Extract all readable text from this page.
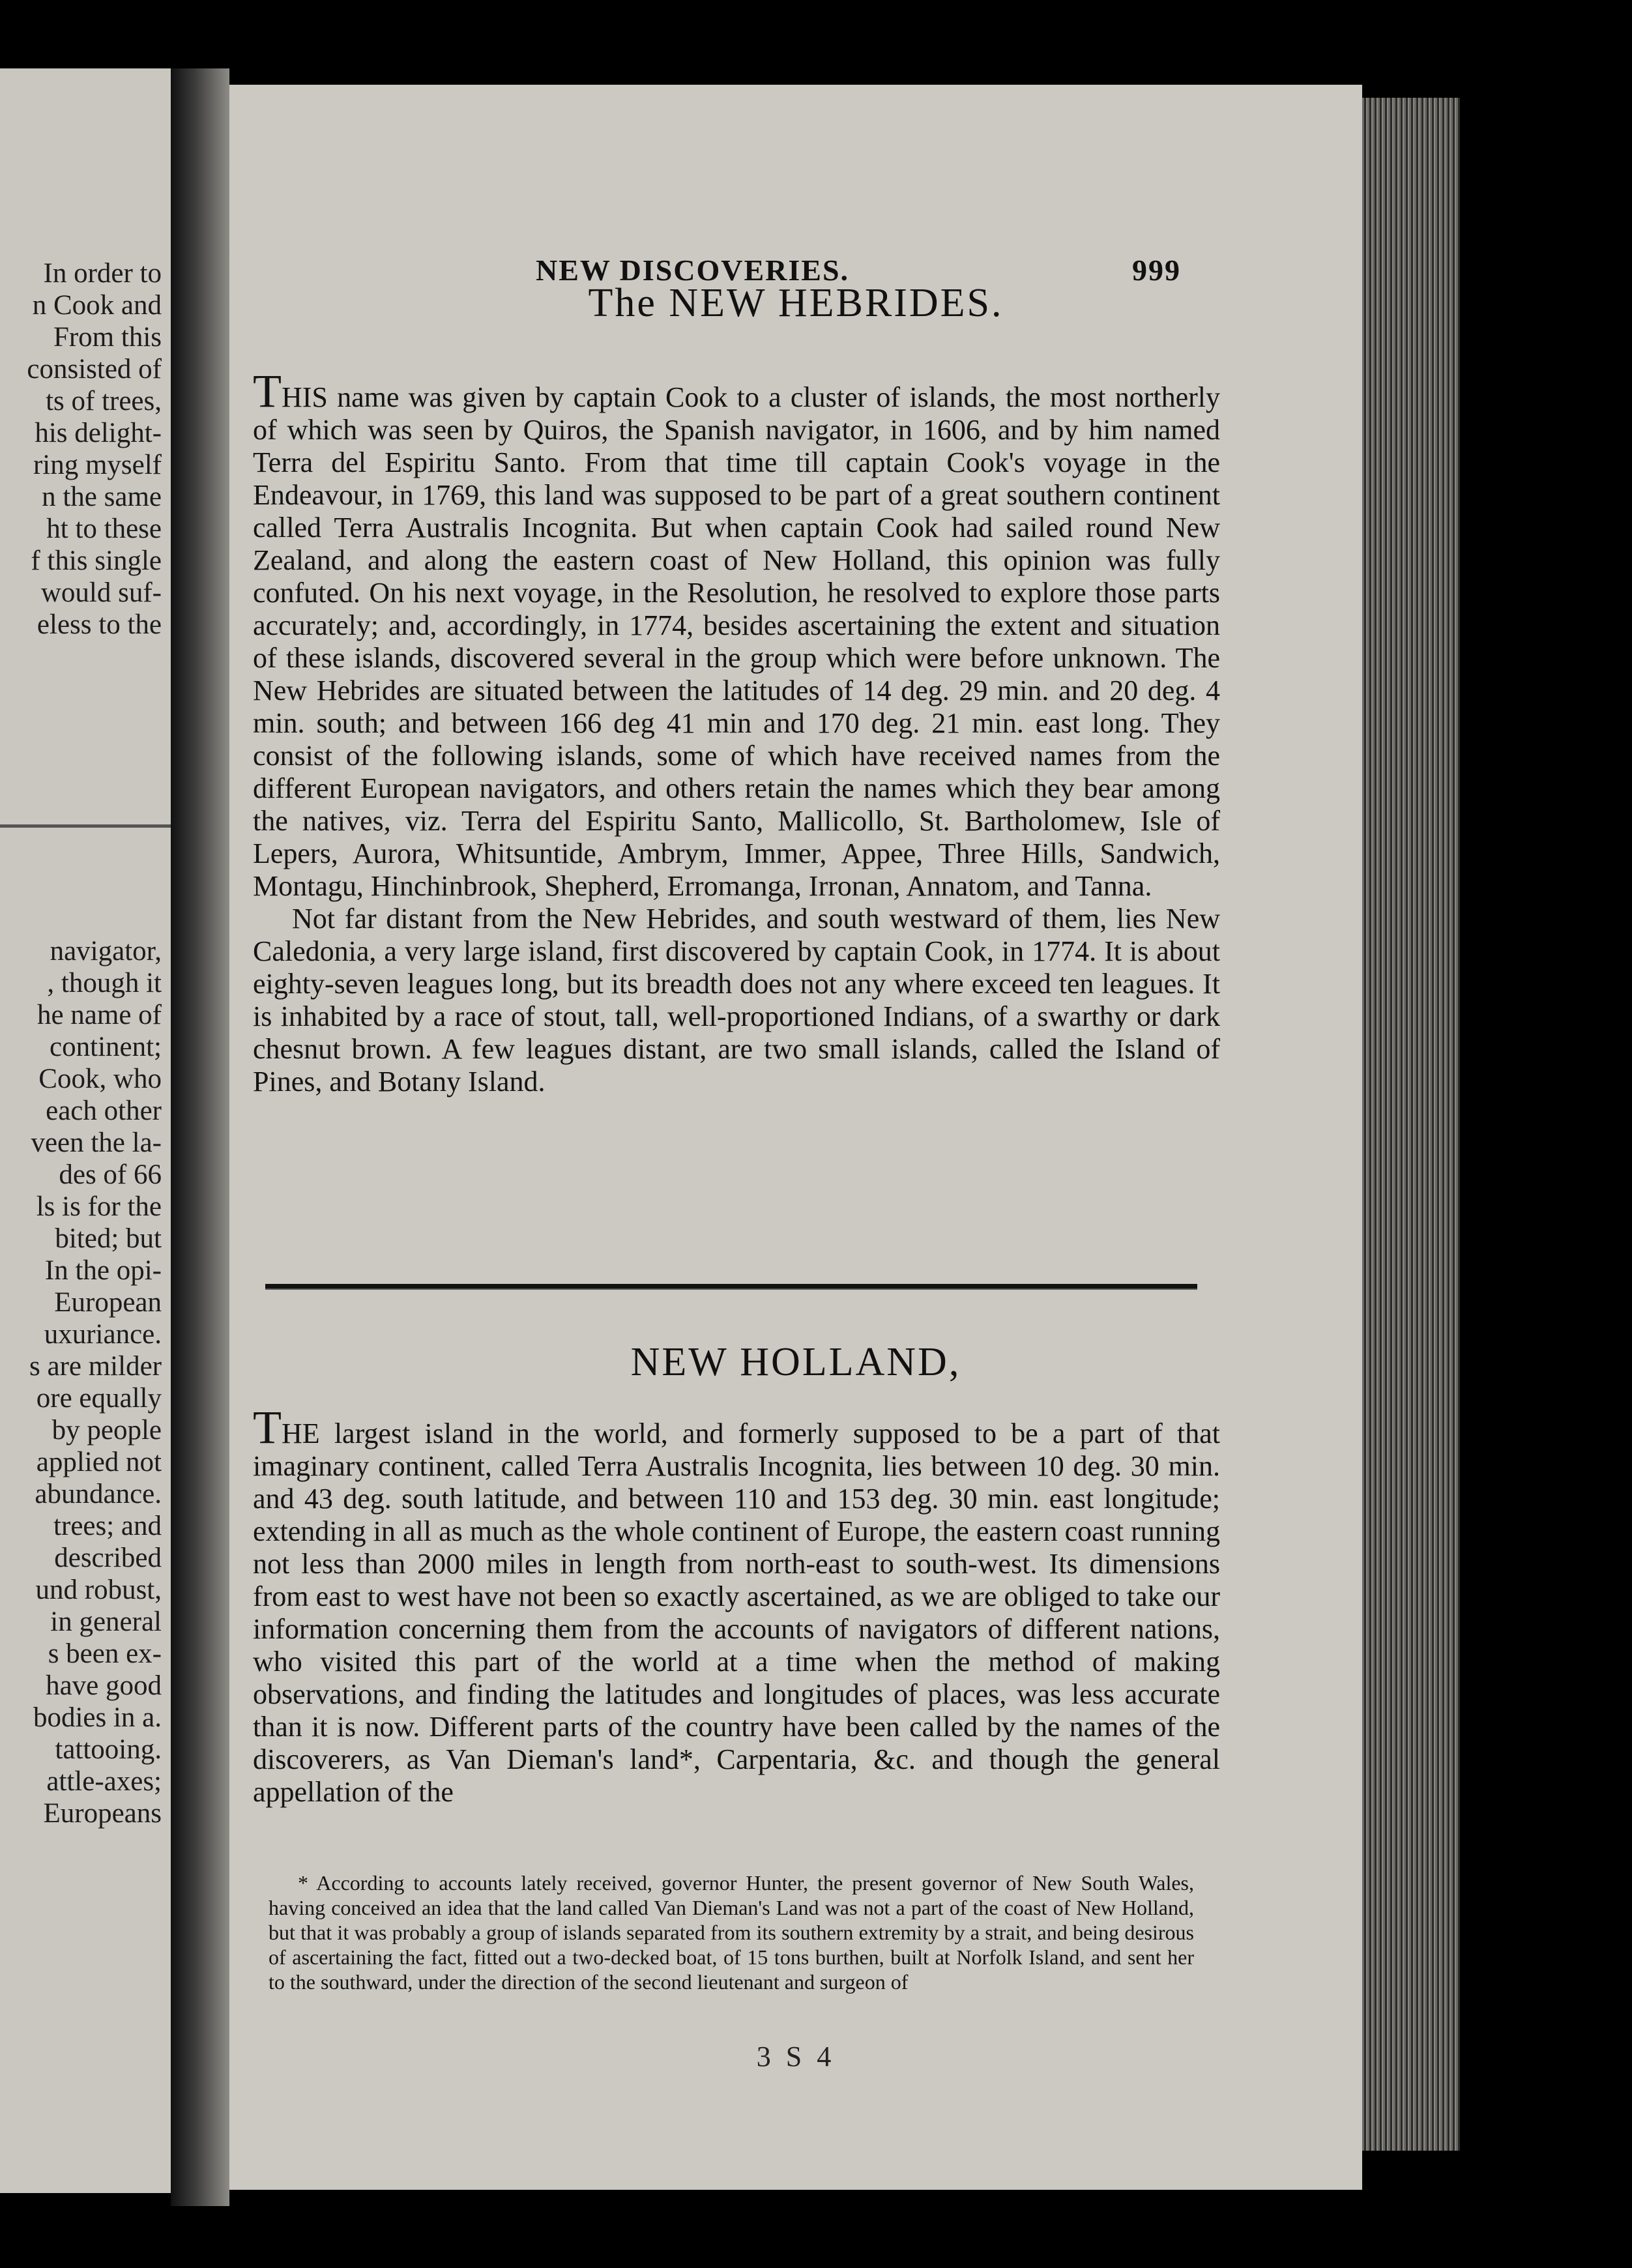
In order to
n Cook and
From this
consisted of
ts of trees,
his delight-
ring myself
n the same
ht to these
f this single
would suf-
eless to the
navigator,
, though it
he name of
continent;
Cook, who
each other
veen the la-
des of 66
ls is for the
bited; but
In the opi-
European
uxuriance.
s are milder
ore equally
by people
applied not
abundance.
trees; and
described
und robust,
in general
s been ex-
have good
bodies in a.
tattooing.
attle-axes;
Europeans
NEW DISCOVERIES.	999
The NEW HEBRIDES.

THIS name was given by captain Cook to a cluster of islands, the most northerly of which was seen by Quiros, the Spanish navigator, in 1606, and by him named Terra del Espiritu Santo. From that time till captain Cook's voyage in the Endeavour, in 1769, this land was supposed to be part of a great southern continent called Terra Australis Incognita. But when captain Cook had sailed round New Zealand, and along the eastern coast of New Holland, this opinion was fully confuted. On his next voyage, in the Resolution, he resolved to explore those parts accurately; and, accordingly, in 1774, besides ascertaining the extent and situation of these islands, discovered several in the group which were before unknown. The New Hebrides are situated between the latitudes of 14 deg. 29 min. and 20 deg. 4 min. south; and between 166 deg 41 min and 170 deg. 21 min. east long. They consist of the following islands, some of which have received names from the different European navigators, and others retain the names which they bear among the natives, viz. Terra del Espiritu Santo, Mallicollo, St. Bartholomew, Isle of Lepers, Aurora, Whitsuntide, Ambrym, Immer, Appee, Three Hills, Sandwich, Montagu, Hinchinbrook, Shepherd, Erromanga, Irronan, Annatom, and Tanna.

Not far distant from the New Hebrides, and south westward of them, lies New Caledonia, a very large island, first discovered by captain Cook, in 1774. It is about eighty-seven leagues long, but its breadth does not any where exceed ten leagues. It is inhabited by a race of stout, tall, well-proportioned Indians, of a swarthy or dark chesnut brown. A few leagues distant, are two small islands, called the Island of Pines, and Botany Island.

NEW HOLLAND,

THE largest island in the world, and formerly supposed to be a part of that imaginary continent, called Terra Australis Incognita, lies between 10 deg. 30 min. and 43 deg. south latitude, and between 110 and 153 deg. 30 min. east longitude; extending in all as much as the whole continent of Europe, the eastern coast running not less than 2000 miles in length from north-east to south-west. Its dimensions from east to west have not been so exactly ascertained, as we are obliged to take our information concerning them from the accounts of navigators of different nations, who visited this part of the world at a time when the method of making observations, and finding the latitudes and longitudes of places, was less accurate than it is now. Different parts of the country have been called by the names of the discoverers, as Van Dieman's land*, Carpentaria, &c. and though the general appellation of the

* According to accounts lately received, governor Hunter, the present governor of New South Wales, having conceived an idea that the land called Van Dieman's Land was not a part of the coast of New Holland, but that it was probably a group of islands separated from its southern extremity by a strait, and being desirous of ascertaining the fact, fitted out a two-decked boat, of 15 tons burthen, built at Norfolk Island, and sent her to the southward, under the direction of the second lieutenant and surgeon of

3 S 4
